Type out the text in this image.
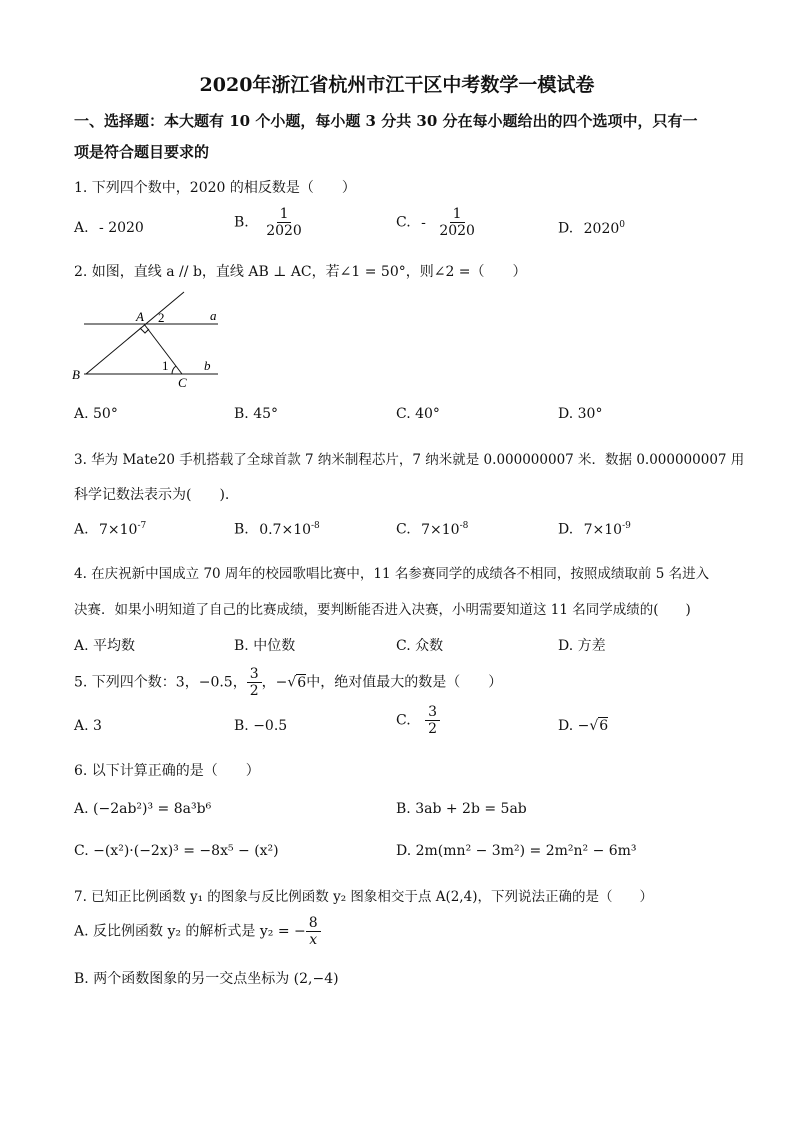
2020年浙江省杭州市江干区中考数学一模试卷
一、选择题：本大题有 10 个小题，每小题 3 分共 30 分在每小题给出的四个选项中，只有一
项是符合题目要求的
1. 下列四个数中，2020 的相反数是（　　）
A. - 2020	B. $\frac{1}{2020}$	C. - $\frac{1}{2020}$	D. 2020$^0$
2. 如图，直线 a // b，直线 AB ⊥ AC，若∠1 = 50°，则∠2 =（　　）
A 2	a
B
1	b
C
A. 50°	B. 45°	C. 40°	D. 30°
3. 华为 Mate20 手机搭载了全球首款 7 纳米制程芯片，7 纳米就是 0.000000007 米．数据 0.000000007 用
科学记数法表示为(　　).
A. $7\times 10^{-7}$	B. $0.7\times 10^{-8}$	C. $7\times 10^{-8}$	D. $7\times 10^{-9}$
4. 在庆祝新中国成立 70 周年的校园歌唱比赛中，11 名参赛同学的成绩各不相同，按照成绩取前 5 名进入
决赛．如果小明知道了自己的比赛成绩，要判断能否进入决赛，小明需要知道这 11 名同学成绩的(　　)
A. 平均数	B. 中位数	C. 众数	D. 方差
5. 下列四个数：3，−0.5， $\frac{3}{2}$ ，−√6中，绝对值最大的数是（　　）
A. 3	B. −0.5	C. $\frac{3}{2}$	D. −√6
6. 以下计算正确的是（　　）
A. (−2ab²)³ = 8a³b⁶	B. 3ab + 2b = 5ab
C. −(x²)·(−2x)³ = −8x⁵ − (x²)	D. 2m(mn² − 3m²) = 2m²n² − 6m³
7. 已知正比例函数 y₁ 的图象与反比例函数 y₂ 图象相交于点 A(2,4)，下列说法正确的是（　　）
A. 反比例函数 y₂ 的解析式是 y₂ = − $\frac{8}{x}$
B. 两个函数图象的另一交点坐标为 (2,−4)
